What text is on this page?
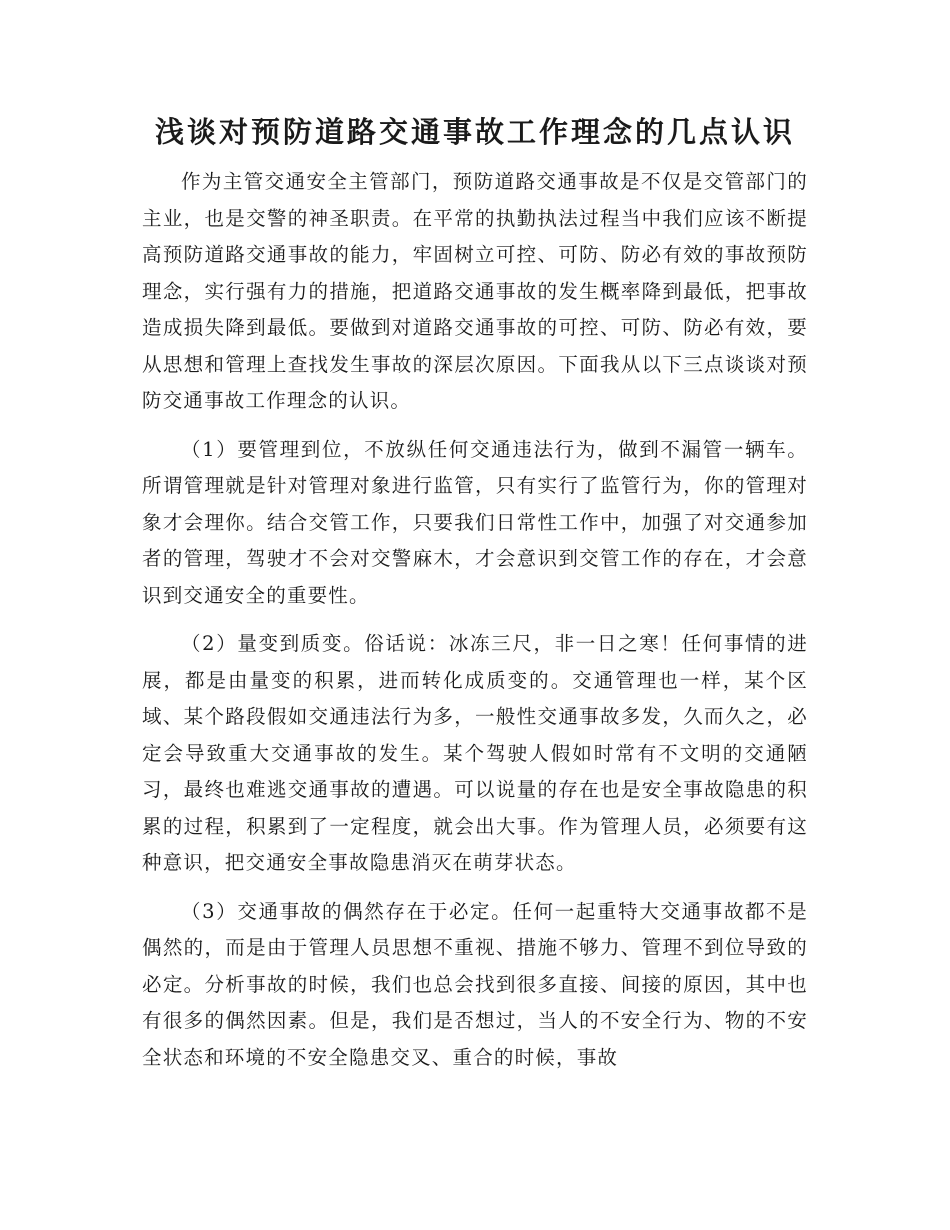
浅谈对预防道路交通事故工作理念的几点认识

作为主管交通安全主管部门，预防道路交通事故是不仅是交管部门的主业，也是交警的神圣职责。在平常的执勤执法过程当中我们应该不断提高预防道路交通事故的能力，牢固树立可控、可防、防必有效的事故预防理念，实行强有力的措施，把道路交通事故的发生概率降到最低，把事故造成损失降到最低。要做到对道路交通事故的可控、可防、防必有效，要从思想和管理上查找发生事故的深层次原因。下面我从以下三点谈谈对预防交通事故工作理念的认识。

（1）要管理到位，不放纵任何交通违法行为，做到不漏管一辆车。所谓管理就是针对管理对象进行监管，只有实行了监管行为，你的管理对象才会理你。结合交管工作，只要我们日常性工作中，加强了对交通参加者的管理，驾驶才不会对交警麻木，才会意识到交管工作的存在，才会意识到交通安全的重要性。

（2）量变到质变。俗话说：冰冻三尺，非一日之寒！任何事情的进展，都是由量变的积累，进而转化成质变的。交通管理也一样，某个区域、某个路段假如交通违法行为多，一般性交通事故多发，久而久之，必定会导致重大交通事故的发生。某个驾驶人假如时常有不文明的交通陋习，最终也难逃交通事故的遭遇。可以说量的存在也是安全事故隐患的积累的过程，积累到了一定程度，就会出大事。作为管理人员，必须要有这种意识，把交通安全事故隐患消灭在萌芽状态。

（3）交通事故的偶然存在于必定。任何一起重特大交通事故都不是偶然的，而是由于管理人员思想不重视、措施不够力、管理不到位导致的必定。分析事故的时候，我们也总会找到很多直接、间接的原因，其中也有很多的偶然因素。但是，我们是否想过，当人的不安全行为、物的不安全状态和环境的不安全隐患交叉、重合的时候，事故
